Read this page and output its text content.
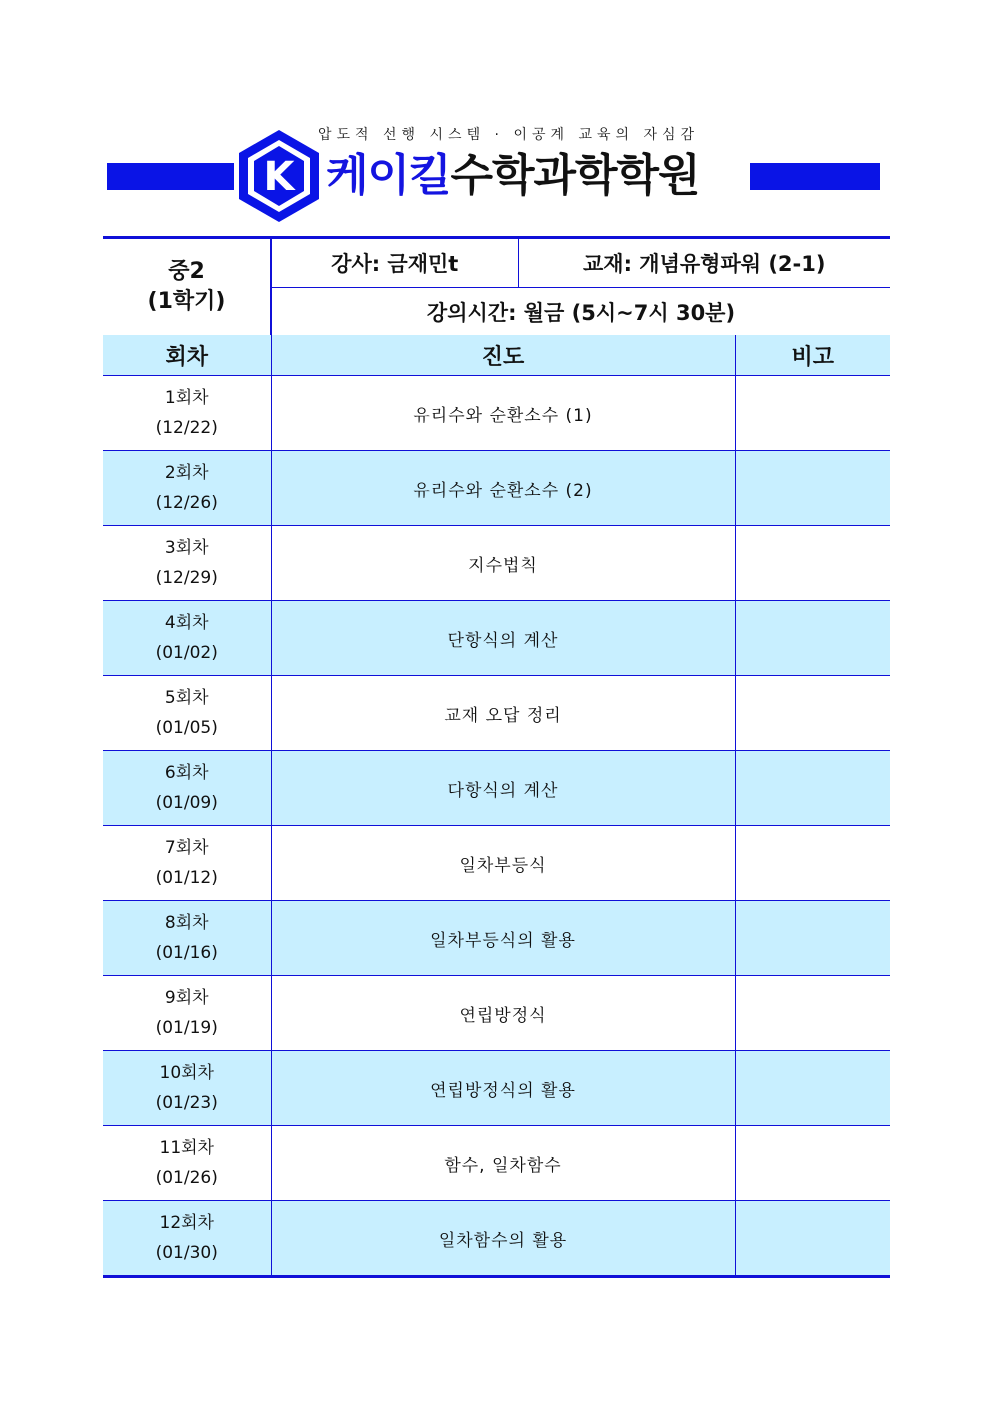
압도적 선행 시스템 · 이공계 교육의 자심감
K 케이킬수학과학학원
중2
(1학기)
	강사: 금재민t	교재: 개념유형파워 (2-1)
강의시간: 월금 (5시~7시 30분)
회차	진도	비고

1회차
(12/22)	유리수와 순환소수 (1)	

2회차
(12/26)	유리수와 순환소수 (2)	

3회차
(12/29)	지수법칙	

4회차
(01/02)	단항식의 계산	

5회차
(01/05)	교재 오답 정리	

6회차
(01/09)	다항식의 계산	

7회차
(01/12)	일차부등식	

8회차
(01/16)	일차부등식의 활용	

9회차
(01/19)	연립방정식	

10회차
(01/23)	연립방정식의 활용	

11회차
(01/26)	함수, 일차함수	

12회차
(01/30)	일차함수의 활용	
